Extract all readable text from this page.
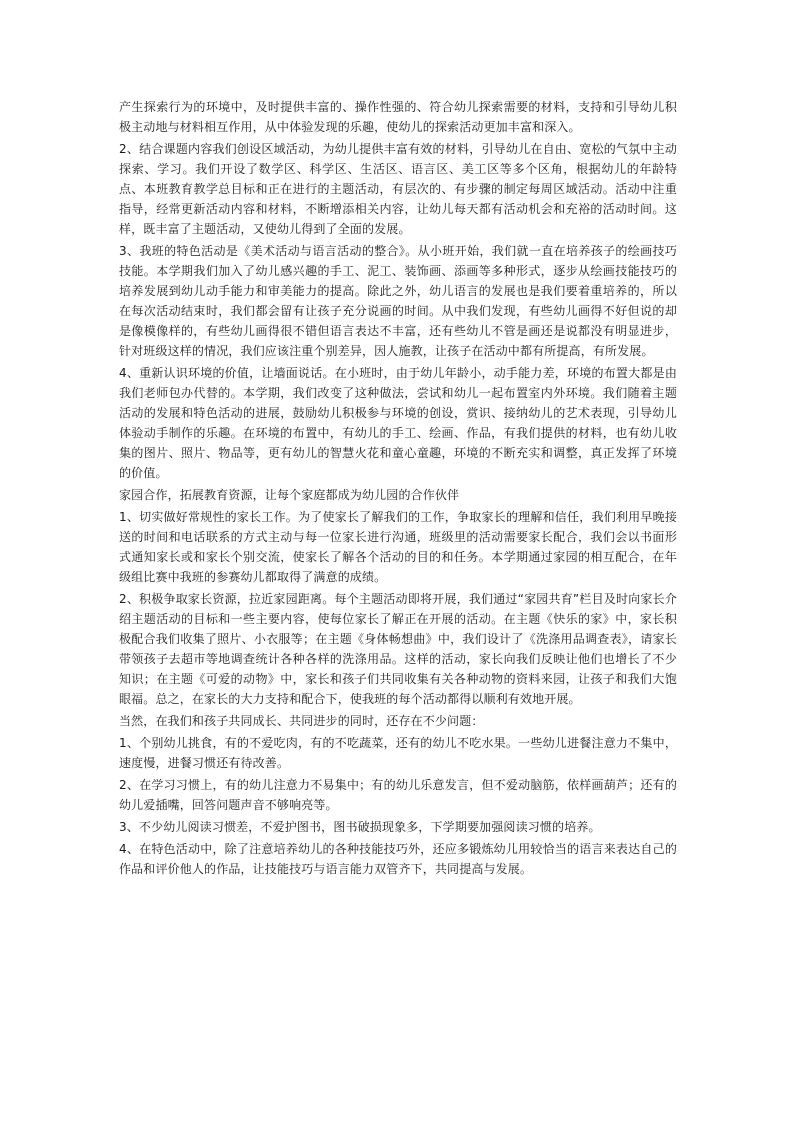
产生探索行为的环境中，及时提供丰富的、操作性强的、符合幼儿探索需要的材料，支持和引导幼儿积极主动地与材料相互作用，从中体验发现的乐趣，使幼儿的探索活动更加丰富和深入。

2、结合课题内容我们创设区域活动，为幼儿提供丰富有效的材料，引导幼儿在自由、宽松的气氛中主动探索、学习。我们开设了数学区、科学区、生活区、语言区、美工区等多个区角，根据幼儿的年龄特点、本班教育教学总目标和正在进行的主题活动，有层次的、有步骤的制定每周区域活动。活动中注重指导，经常更新活动内容和材料，不断增添相关内容，让幼儿每天都有活动机会和充裕的活动时间。这样，既丰富了主题活动，又使幼儿得到了全面的发展。

3、我班的特色活动是《美术活动与语言活动的整合》。从小班开始，我们就一直在培养孩子的绘画技巧技能。本学期我们加入了幼儿感兴趣的手工、泥工、装饰画、添画等多种形式，逐步从绘画技能技巧的培养发展到幼儿动手能力和审美能力的提高。除此之外，幼儿语言的发展也是我们要着重培养的，所以在每次活动结束时，我们都会留有让孩子充分说画的时间。从中我们发现，有些幼儿画得不好但说的却是像模像样的，有些幼儿画得很不错但语言表达不丰富，还有些幼儿不管是画还是说都没有明显进步，针对班级这样的情况，我们应该注重个别差异，因人施教，让孩子在活动中都有所提高，有所发展。

4、重新认识环境的价值，让墙面说话。在小班时，由于幼儿年龄小，动手能力差，环境的布置大都是由我们老师包办代替的。本学期，我们改变了这种做法，尝试和幼儿一起布置室内外环境。我们随着主题活动的发展和特色活动的进展，鼓励幼儿积极参与环境的创设，赏识、接纳幼儿的艺术表现，引导幼儿体验动手制作的乐趣。在环境的布置中，有幼儿的手工、绘画、作品，有我们提供的材料，也有幼儿收集的图片、照片、物品等，更有幼儿的智慧火花和童心童趣，环境的不断充实和调整，真正发挥了环境的价值。

家园合作，拓展教育资源，让每个家庭都成为幼儿园的合作伙伴

1、切实做好常规性的家长工作。为了使家长了解我们的工作，争取家长的理解和信任，我们利用早晚接送的时间和电话联系的方式主动与每一位家长进行沟通，班级里的活动需要家长配合，我们会以书面形式通知家长或和家长个别交流，使家长了解各个活动的目的和任务。本学期通过家园的相互配合，在年级组比赛中我班的参赛幼儿都取得了满意的成绩。

2、积极争取家长资源，拉近家园距离。每个主题活动即将开展，我们通过“家园共育”栏目及时向家长介绍主题活动的目标和一些主要内容，使每位家长了解正在开展的活动。在主题《快乐的家》中，家长积极配合我们收集了照片、小衣服等；在主题《身体畅想曲》中，我们设计了《洗涤用品调查表》，请家长带领孩子去超市等地调查统计各种各样的洗涤用品。这样的活动，家长向我们反映让他们也增长了不少知识；在主题《可爱的动物》中，家长和孩子们共同收集有关各种动物的资料来园，让孩子和我们大饱眼福。总之，在家长的大力支持和配合下，使我班的每个活动都得以顺利有效地开展。

当然，在我们和孩子共同成长、共同进步的同时，还存在不少问题：

1、个别幼儿挑食，有的不爱吃肉，有的不吃蔬菜，还有的幼儿不吃水果。一些幼儿进餐注意力不集中，速度慢，进餐习惯还有待改善。

2、在学习习惯上，有的幼儿注意力不易集中；有的幼儿乐意发言，但不爱动脑筋，依样画葫芦；还有的幼儿爱插嘴，回答问题声音不够响亮等。

3、不少幼儿阅读习惯差，不爱护图书，图书破损现象多，下学期要加强阅读习惯的培养。

4、在特色活动中，除了注意培养幼儿的各种技能技巧外，还应多锻炼幼儿用较恰当的语言来表达自己的作品和评价他人的作品，让技能技巧与语言能力双管齐下，共同提高与发展。
